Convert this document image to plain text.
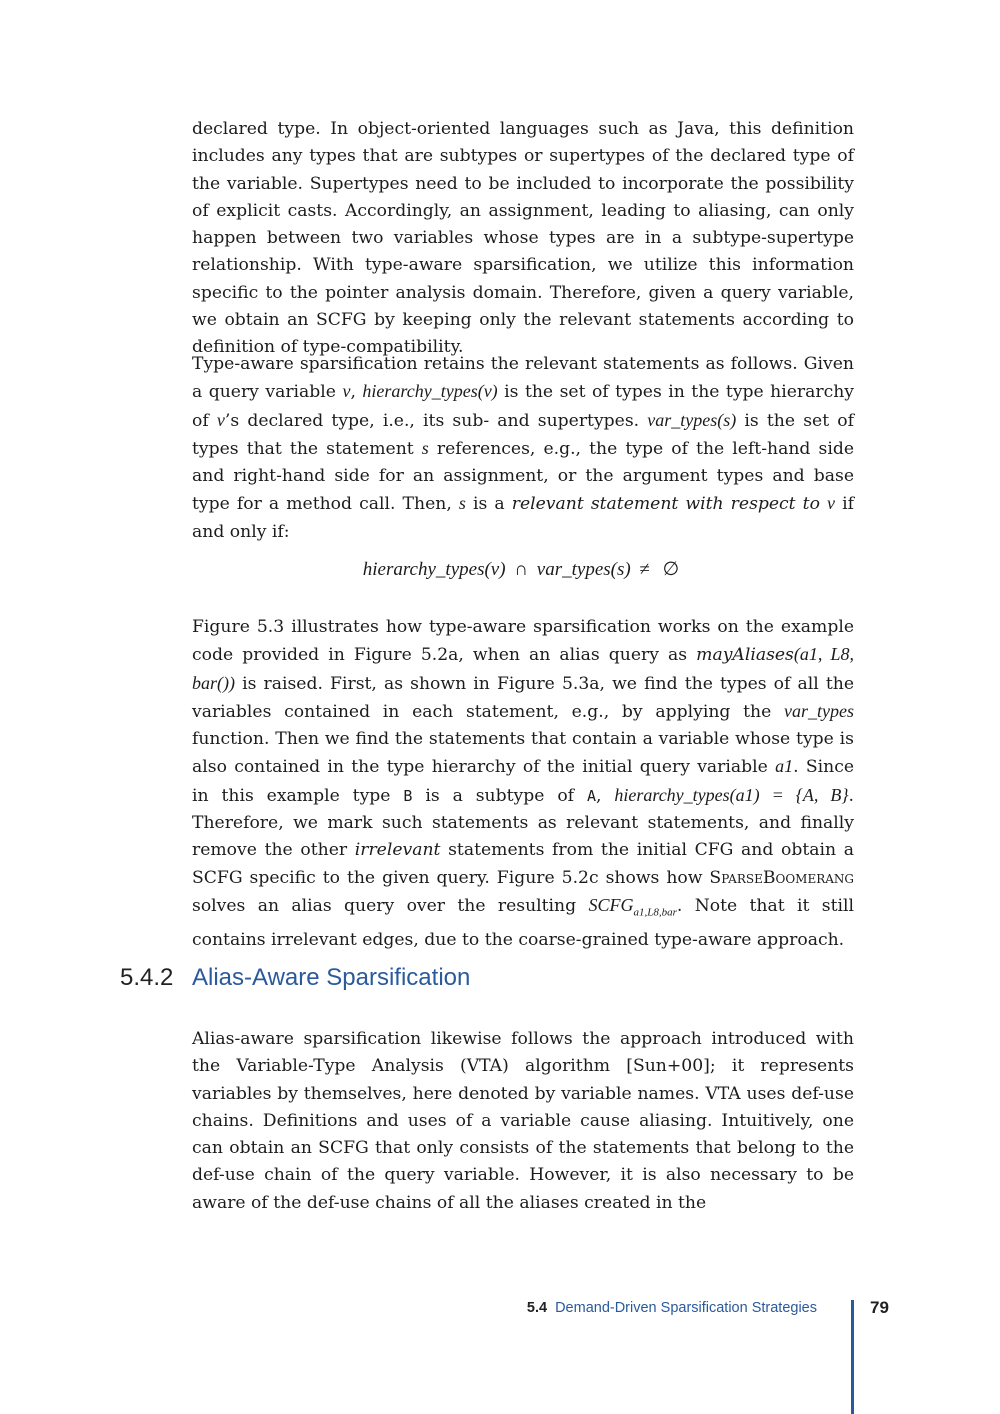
declared type. In object-oriented languages such as Java, this definition includes any types that are subtypes or supertypes of the declared type of the variable. Supertypes need to be included to incorporate the possibility of explicit casts. Accordingly, an assignment, leading to aliasing, can only happen between two variables whose types are in a subtype-supertype relationship. With type-aware sparsification, we utilize this information specific to the pointer analysis domain. Therefore, given a query variable, we obtain an SCFG by keeping only the relevant statements according to definition of type-compatibility.
Type-aware sparsification retains the relevant statements as follows. Given a query variable v, hierarchy_types(v) is the set of types in the type hierarchy of v’s declared type, i.e., its sub- and supertypes. var_types(s) is the set of types that the statement s references, e.g., the type of the left-hand side and right-hand side for an assignment, or the argument types and base type for a method call. Then, s is a relevant statement with respect to v if and only if:
hierarchy_types(v) ∩ var_types(s) ≠ ∅
Figure 5.3 illustrates how type-aware sparsification works on the example code provided in Figure 5.2a, when an alias query as mayAliases(a1, L8, bar()) is raised. First, as shown in Figure 5.3a, we find the types of all the variables contained in each statement, e.g., by applying the var_types function. Then we find the statements that contain a variable whose type is also contained in the type hierarchy of the initial query variable a1. Since in this example type B is a subtype of A, hierarchy_types(a1) = {A, B}. Therefore, we mark such statements as relevant statements, and finally remove the other irrelevant statements from the initial CFG and obtain a SCFG specific to the given query. Figure 5.2c shows how SparseBoomerang solves an alias query over the resulting $SCFG_{a1,L8,bar}$. Note that it still contains irrelevant edges, due to the coarse-grained type-aware approach.
5.4.2 Alias-Aware Sparsification
Alias-aware sparsification likewise follows the approach introduced with the Variable-Type Analysis (VTA) algorithm [Sun+00]; it represents variables by themselves, here denoted by variable names. VTA uses def-use chains. Definitions and uses of a variable cause aliasing. Intuitively, one can obtain an SCFG that only consists of the statements that belong to the def-use chain of the query variable. However, it is also necessary to be aware of the def-use chains of all the aliases created in the
5.4 Demand-Driven Sparsification Strategies	79
